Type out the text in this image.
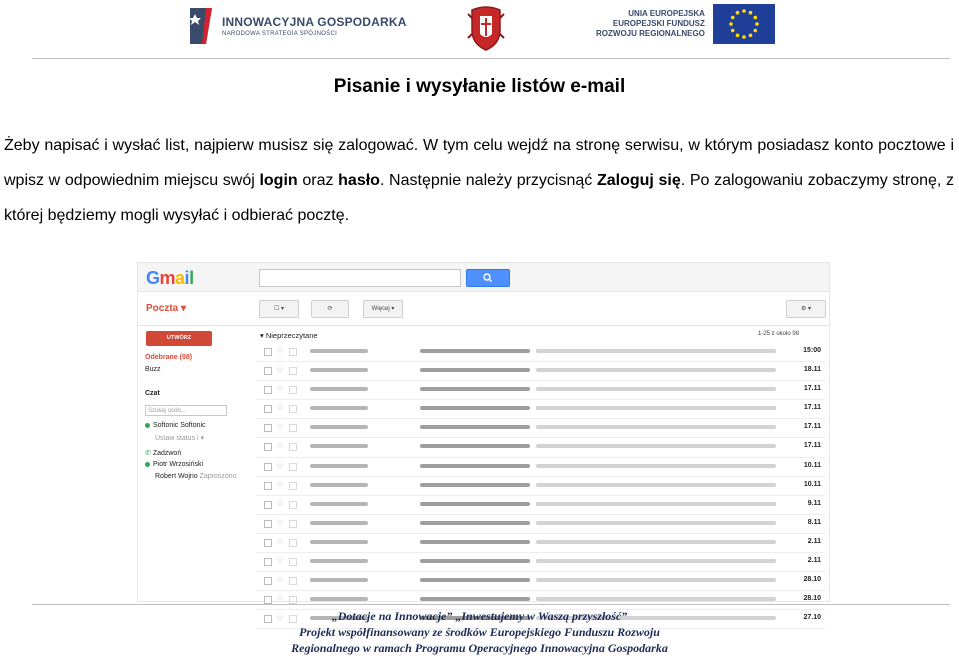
INNOWACYJNA GOSPODARKA
NARODOWA STRATEGIA SPÓJNOŚCI
UNIA EUROPEJSKA
EUROPEJSKI FUNDUSZ
ROZWOJU REGIONALNEGO
Pisanie i wysyłanie listów e-mail
Żeby napisać i wysłać list, najpierw musisz się zalogować. W tym celu wejdź na stronę serwisu, w którym posiadasz konto pocztowe i wpisz w odpowiednim miejscu swój login oraz hasło. Następnie należy przycisnąć Zaloguj się. Po zalogowaniu zobaczymy stronę, z której będziemy mogli wysyłać i odbierać pocztę.
Gmail
Poczta ▾	☐ ▾	⟳	Więcej ▾	⚙ ▾
UTWÓRZ
Odebrane (98)
Buzz
Czat
Szukaj osób...
Softonic Softonic
Ustaw status i ▾
✆ Zadzwoń
Piotr Wrzosiński
Robert Wojno Zaproszono
▾ Nieprzeczytane	1-25 z około 98
☆	15:00
☆	18.11
☆	17.11
☆	17.11
☆	17.11
☆	17.11
☆	10.11
☆	10.11
☆	9.11
☆	8.11
☆	2.11
☆	2.11
☆	28.10
☆	28.10
☆	27.10
„Dotacje na Innowacje” „Inwestujemy w Waszą przyszłość”
Projekt współfinansowany ze środków Europejskiego Funduszu Rozwoju
Regionalnego w ramach Programu Operacyjnego Innowacyjna Gospodarka
